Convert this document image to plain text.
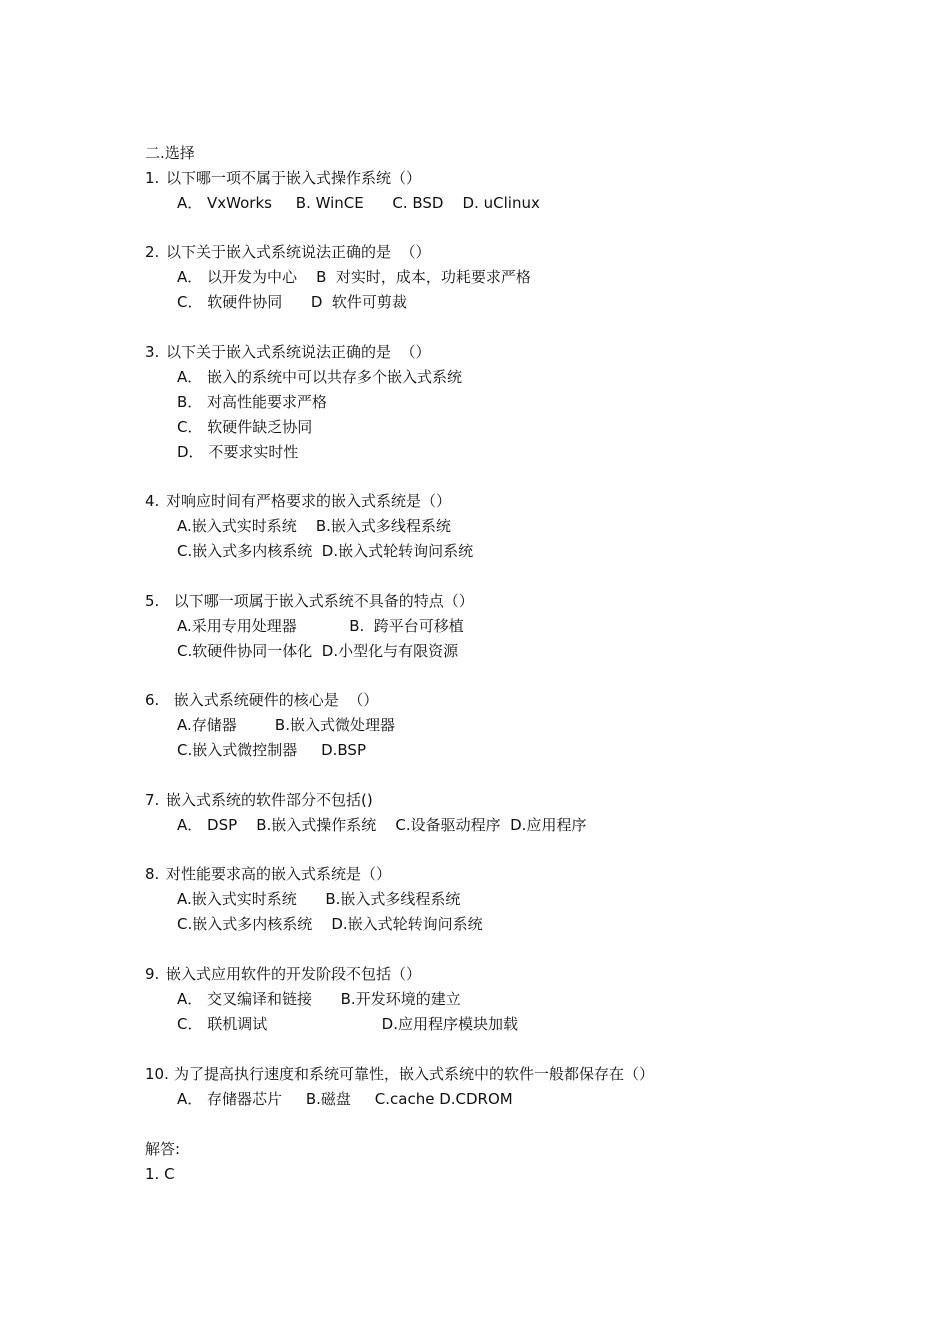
二.选择
1. 以下哪一项不属于嵌入式操作系统（）
A． VxWorks     B. WinCE      C. BSD    D. uClinux
2. 以下关于嵌入式系统说法正确的是  （）
A． 以开发为中心    B  对实时，成本，功耗要求严格
C． 软硬件协同      D  软件可剪裁
3. 以下关于嵌入式系统说法正确的是  （）
A． 嵌入的系统中可以共存多个嵌入式系统
B． 对高性能要求严格
C． 软硬件缺乏协同
D． 不要求实时性
4. 对响应时间有严格要求的嵌入式系统是（）
A.嵌入式实时系统    B.嵌入式多线程系统
C.嵌入式多内核系统  D.嵌入式轮转询问系统
5. 以下哪一项属于嵌入式系统不具备的特点（）
A.采用专用处理器           B.  跨平台可移植
C.软硬件协同一体化  D.小型化与有限资源
6. 嵌入式系统硬件的核心是  （）
A.存储器        B.嵌入式微处理器
C.嵌入式微控制器     D.BSP
7. 嵌入式系统的软件部分不包括()
A． DSP    B.嵌入式操作系统    C.设备驱动程序  D.应用程序
8. 对性能要求高的嵌入式系统是（）
A.嵌入式实时系统      B.嵌入式多线程系统
C.嵌入式多内核系统    D.嵌入式轮转询问系统
9. 嵌入式应用软件的开发阶段不包括（）
A． 交叉编译和链接      B.开发环境的建立
C． 联机调试                        D.应用程序模块加载
10. 为了提高执行速度和系统可靠性，嵌入式系统中的软件一般都保存在（）
A． 存储器芯片     B.磁盘     C.cache D.CDROM
解答:
1. C
